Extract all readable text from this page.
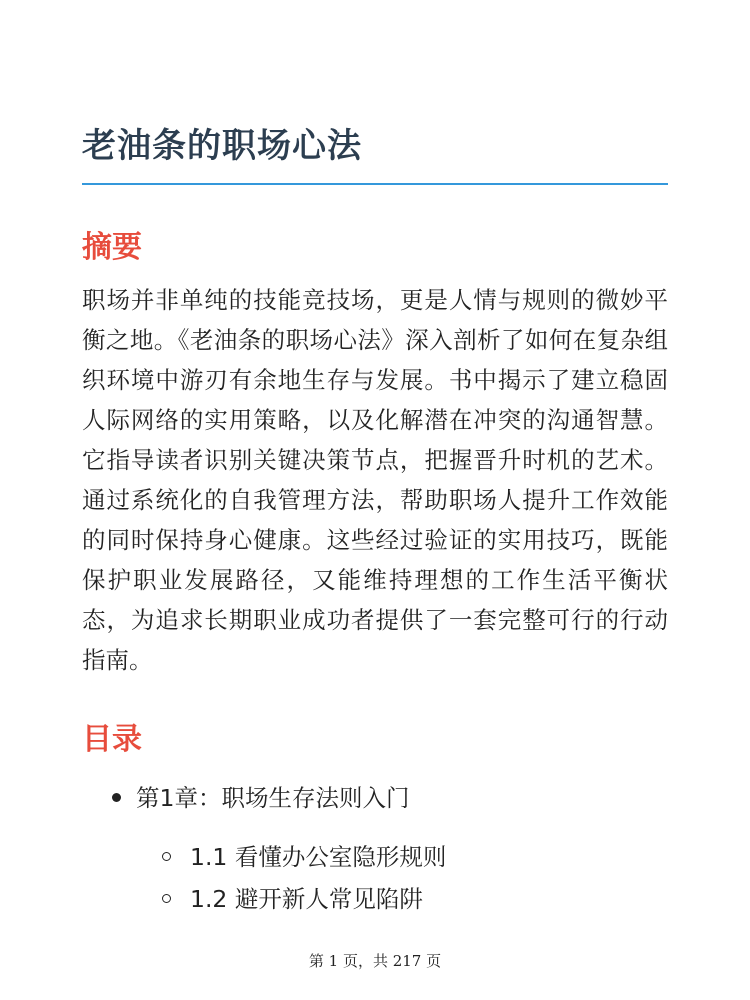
老油条的职场心法
摘要

职场并非单纯的技能竞技场，更是人情与规则的微妙平衡之地。《老油条的职场心法》深入剖析了如何在复杂组织环境中游刃有余地生存与发展。书中揭示了建立稳固人际网络的实用策略，以及化解潜在冲突的沟通智慧。它指导读者识别关键决策节点，把握晋升时机的艺术。通过系统化的自我管理方法，帮助职场人提升工作效能的同时保持身心健康。这些经过验证的实用技巧，既能保护职业发展路径，又能维持理想的工作生活平衡状态，为追求长期职业成功者提供了一套完整可行的行动指南。

目录
第1章：职场生存法则入门
1.1 看懂办公室隐形规则
1.2 避开新人常见陷阱
第 1 页，共 217 页
